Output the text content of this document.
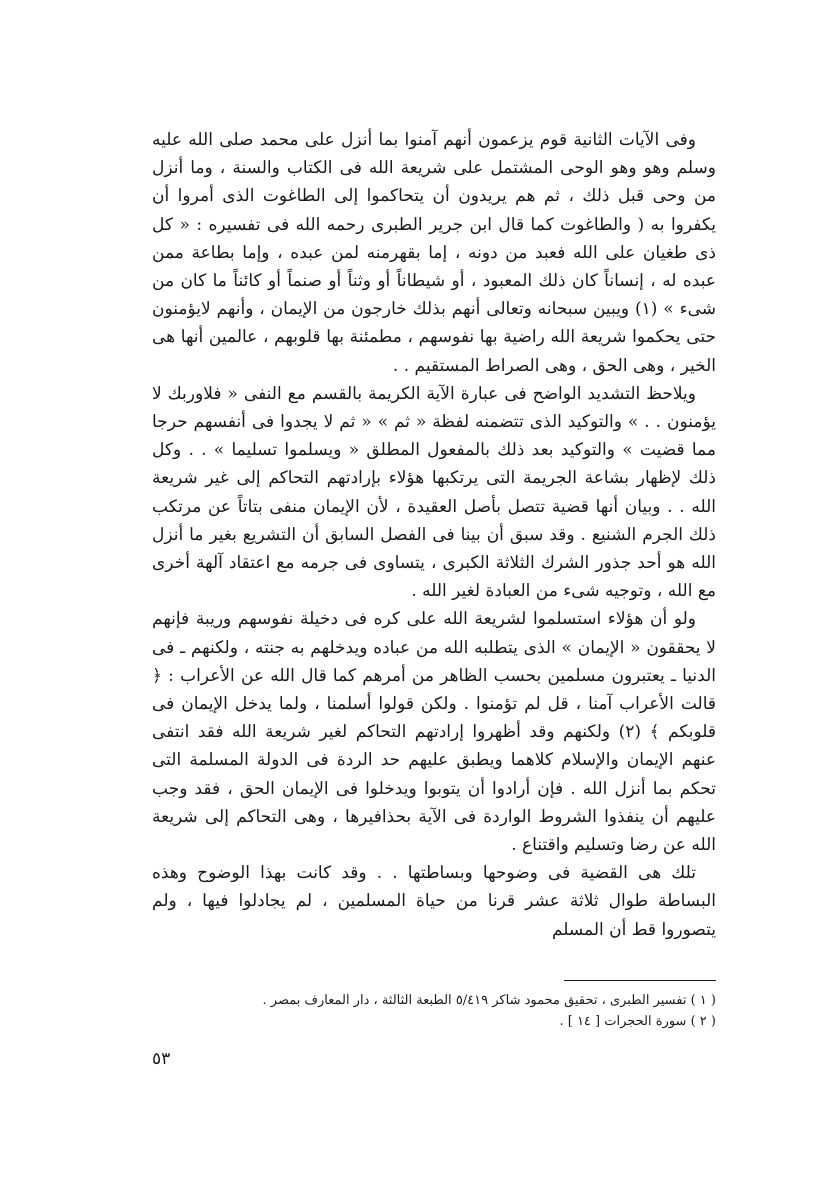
وفى الآيات الثانية قوم يزعمون أنهم آمنوا بما أنزل على محمد صلى الله عليه وسلم وهو وهو الوحى المشتمل على شريعة الله فى الكتاب والسنة ، وما أنزل من وحى قبل ذلك ، ثم هم يريدون أن يتحاكموا إلى الطاغوت الذى أمروا أن يكفروا به ( والطاغوت كما قال ابن جرير الطبرى رحمه الله فى تفسيره : « كل ذى طغيان على الله فعبد من دونه ، إما بقهرمنه لمن عبده ، وإما بطاعة ممن عبده له ، إنساناً كان ذلك المعبود ، أو شيطاناً أو وثناً أو صنماً أو كائناً ما كان من شىء » (١) ويبين سبحانه وتعالى أنهم بذلك خارجون من الإيمان ، وأنهم لايؤمنون حتى يحكموا شريعة الله راضية بها نفوسهم ، مطمئنة بها قلوبهم ، عالمين أنها هى الخير ، وهى الحق ، وهى الصراط المستقيم . .

ويلاحظ التشديد الواضح فى عبارة الآية الكريمة بالقسم مع النفى « فلاوربك لا يؤمنون . . » والتوكيد الذى تتضمنه لفظة « ثم » « ثم لا يجدوا فى أنفسهم حرجا مما قضيت » والتوكيد بعد ذلك بالمفعول المطلق « ويسلموا تسليما » . . وكل ذلك لإظهار بشاعة الجريمة التى يرتكبها هؤلاء بإرادتهم التحاكم إلى غير شريعة الله . . وبيان أنها قضية تتصل بأصل العقيدة ، لأن الإيمان منفى بتاتاً عن مرتكب ذلك الجرم الشنيع . وقد سبق أن بينا فى الفصل السابق أن التشريع بغير ما أنزل الله هو أحد جذور الشرك الثلاثة الكبرى ، يتساوى فى جرمه مع اعتقاد آلهة أخرى مع الله ، وتوجيه شىء من العبادة لغير الله .

ولو أن هؤلاء استسلموا لشريعة الله على كره فى دخيلة نفوسهم وريبة فإنهم لا يحققون « الإيمان » الذى يتطلبه الله من عباده ويدخلهم به جنته ، ولكنهم ـ فى الدنيا ـ يعتبرون مسلمين بحسب الظاهر من أمرهم كما قال الله عن الأعراب : ﴿ قالت الأعراب آمنا ، قل لم تؤمنوا . ولكن قولوا أسلمنا ، ولما يدخل الإيمان فى قلوبكم ﴾ (٢) ولكنهم وقد أظهروا إرادتهم التحاكم لغير شريعة الله فقد انتفى عنهم الإيمان والإسلام كلاهما ويطبق عليهم حد الردة فى الدولة المسلمة التى تحكم بما أنزل الله . فإن أرادوا أن يتوبوا ويدخلوا فى الإيمان الحق ، فقد وجب عليهم أن ينفذوا الشروط الواردة فى الآية بحذافيرها ، وهى التحاكم إلى شريعة الله عن رضا وتسليم واقتناع .

تلك هى القضية فى وضوحها وبساطتها . . وقد كانت بهذا الوضوح وهذه البساطة طوال ثلاثة عشر قرنا من حياة المسلمين ، لم يجادلوا فيها ، ولم يتصوروا قط أن المسلم

( ١ ) تفسير الطبرى ، تحقيق محمود شاكر ٥/٤١٩ الطبعة الثالثة ، دار المعارف بمصر .
( ٢ ) سورة الحجرات [ ١٤ ] .
٥٣
